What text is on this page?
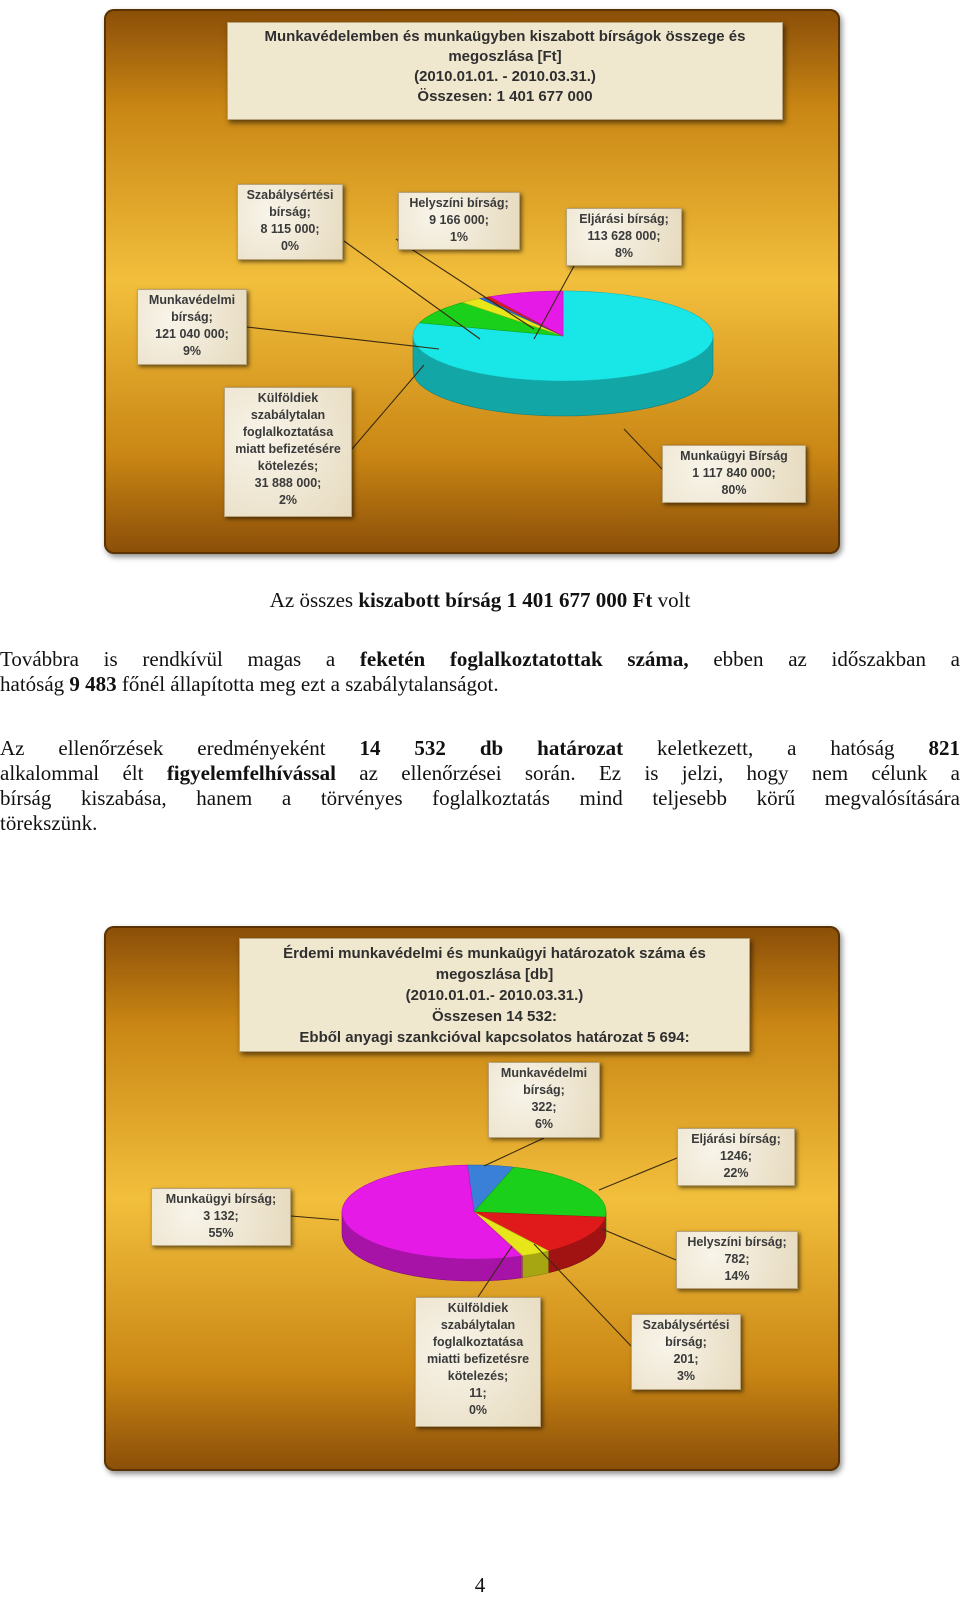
Munkavédelemben és munkaügyben kiszabott bírságok összege és
megoszlása [Ft]
(2010.01.01. - 2010.03.31.)
Összesen: 1 401 677 000
Szabálysértési
bírság;
8 115 000;
0%
Helyszíni bírság;
9 166 000;
1%
Eljárási bírság;
113 628 000;
8%
Munkavédelmi
bírság;
121 040 000;
9%
Külföldiek
szabálytalan
foglalkoztatása
miatt befizetésére
kötelezés;
31 888 000;
2%
Munkaügyi Bírság
1 117 840 000;
80%
Az összes kiszabott bírság 1 401 677 000 Ft volt
Továbbra is rendkívül magas a feketén foglalkoztatottak száma, ebben az időszakban a
hatóság 9 483 főnél állapította meg ezt a szabálytalanságot.
Az ellenőrzések eredményeként 14 532 db határozat keletkezett, a hatóság 821
alkalommal élt figyelemfelhívással az ellenőrzései során. Ez is jelzi, hogy nem célunk a
bírság kiszabása, hanem a törvényes foglalkoztatás mind teljesebb körű megvalósítására
törekszünk.
Érdemi munkavédelmi és munkaügyi határozatok száma és
megoszlása [db]
(2010.01.01.- 2010.03.31.)
Összesen 14 532:
Ebből anyagi szankcióval kapcsolatos határozat 5 694:
Munkavédelmi
bírság;
322;
6%
Eljárási bírság;
1246;
22%
Munkaügyi bírság;
3 132;
55%
Helyszíni bírság;
782;
14%
Külföldiek
szabálytalan
foglalkoztatása
miatti befizetésre
kötelezés;
11;
0%
Szabálysértési
bírság;
201;
3%
4
